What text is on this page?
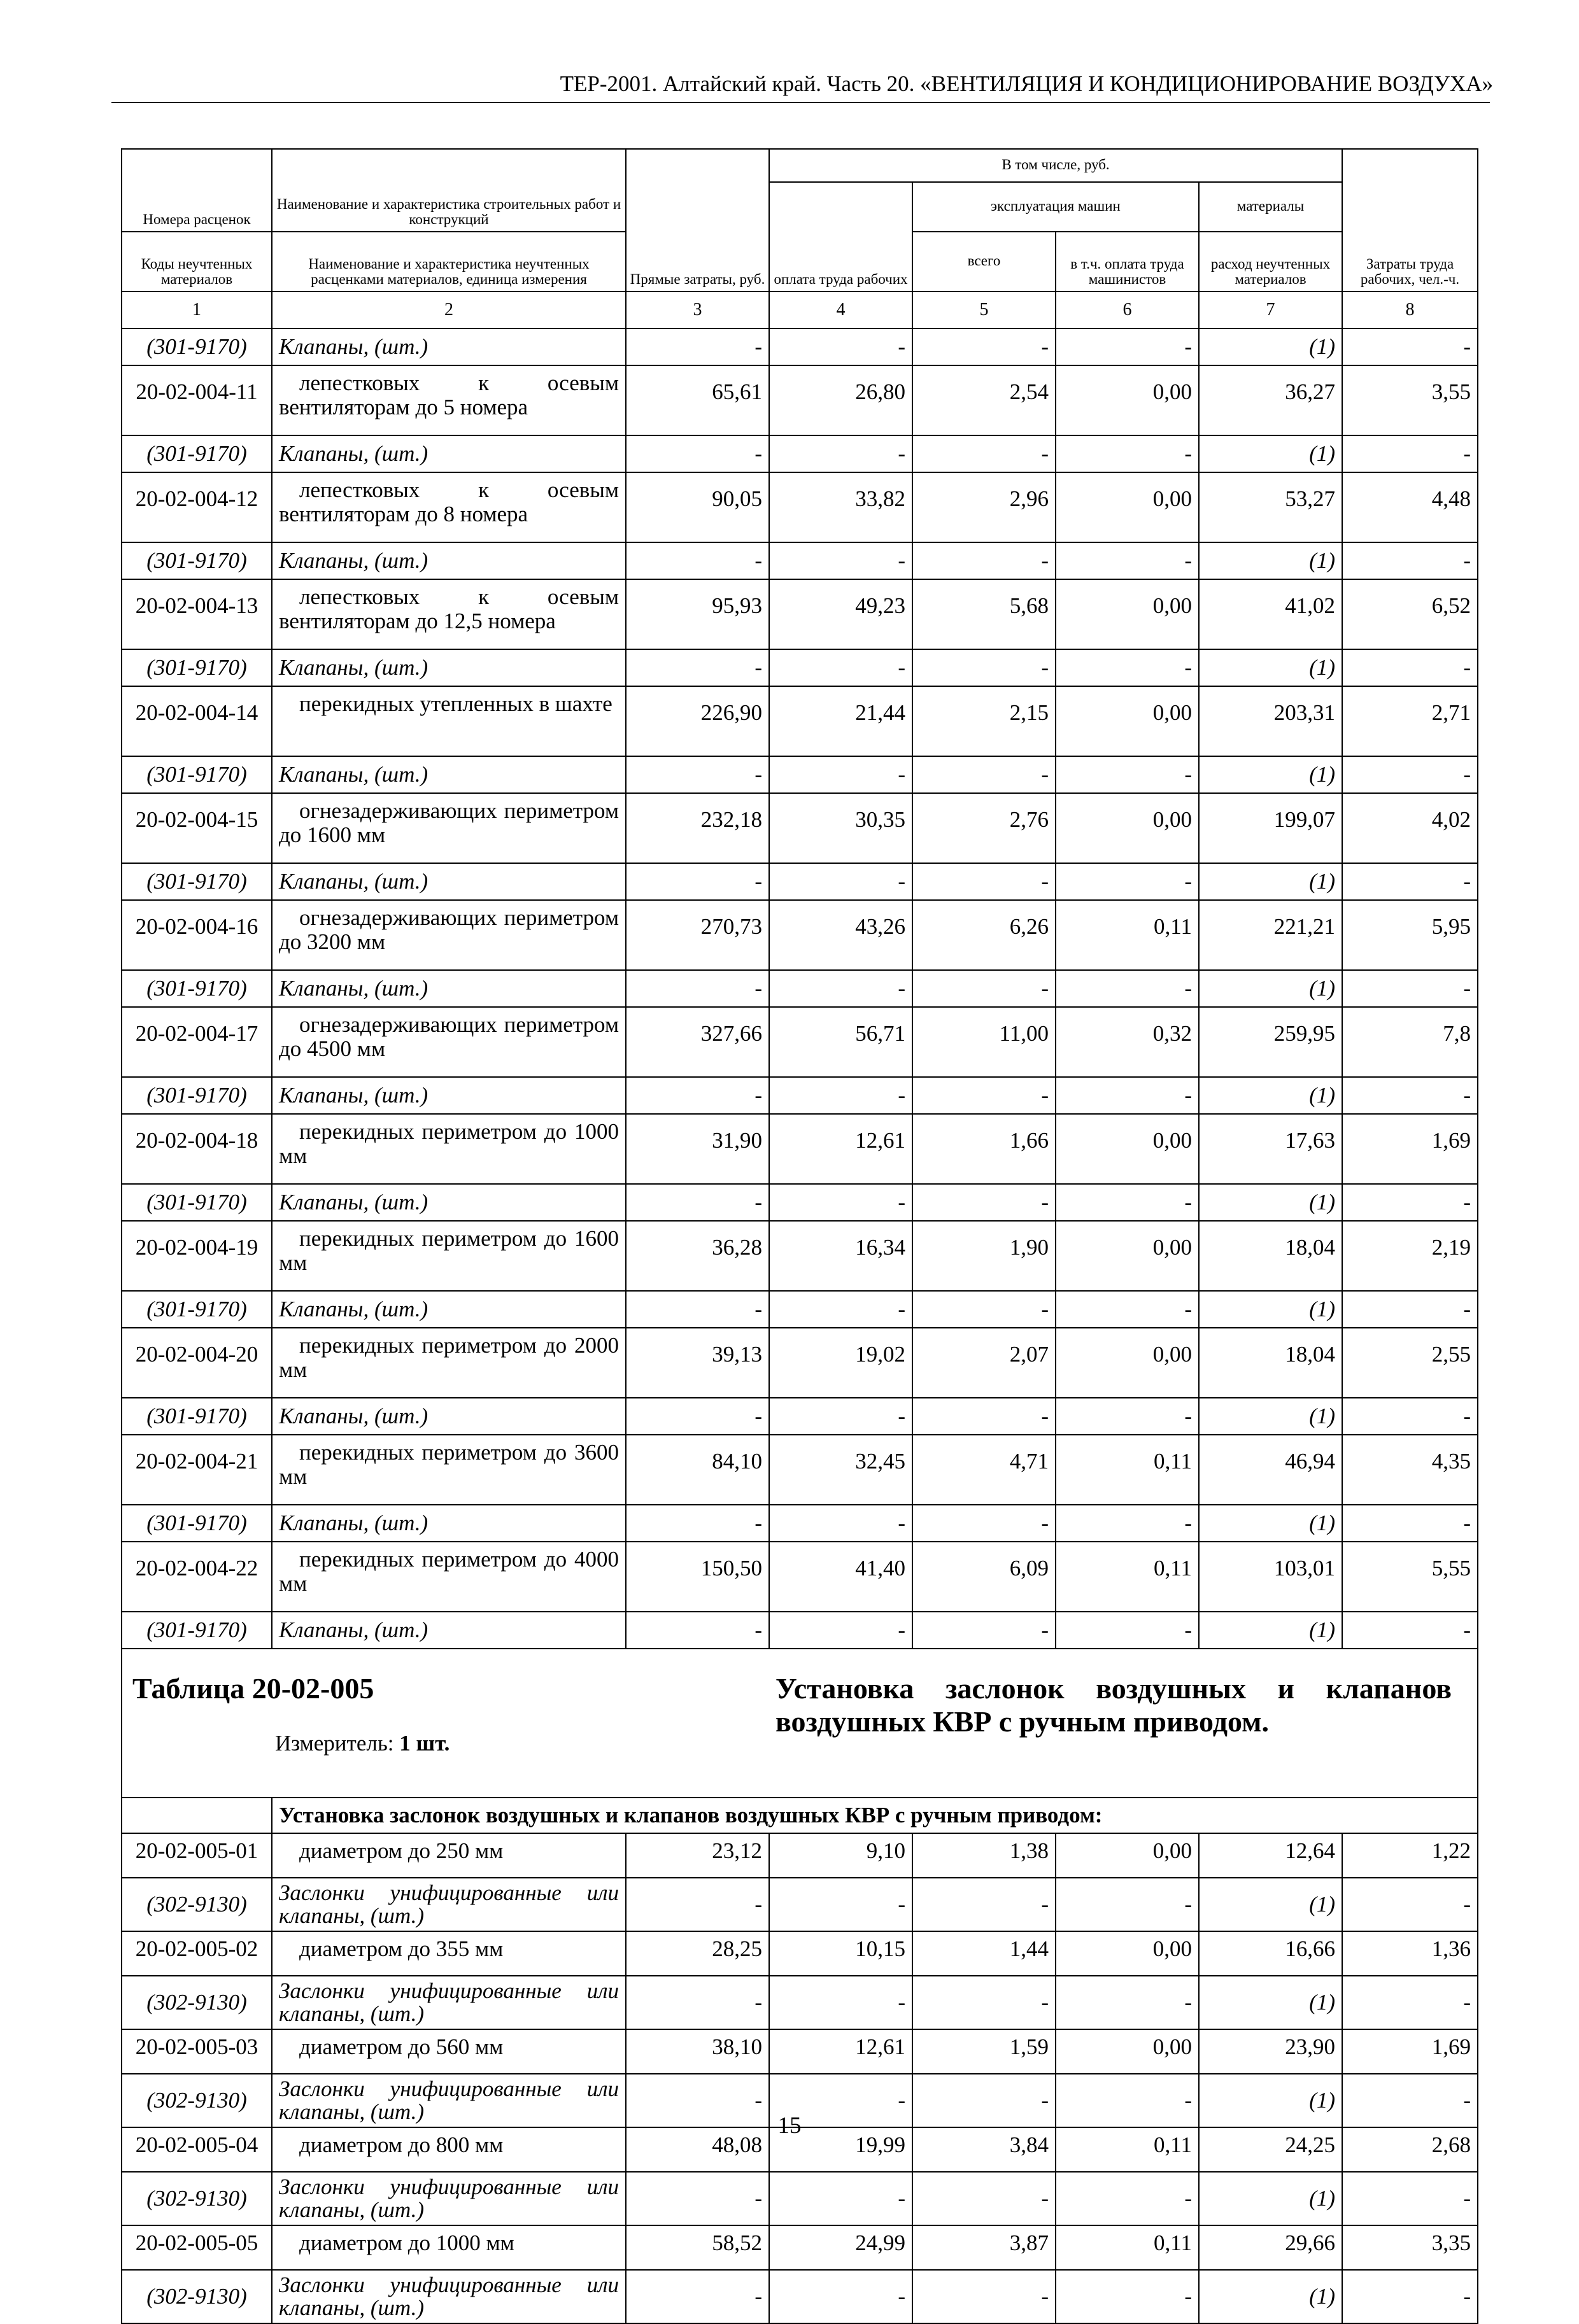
ТЕР-2001. Алтайский край. Часть 20. «ВЕНТИЛЯЦИЯ И КОНДИЦИОНИРОВАНИЕ ВОЗДУХА»
		Прямые затраты, руб.	В том числе, руб.				Затраты труда рабочих, чел.-ч.
Номера расценок	Наименование и характеристика строительных работ и конструкций		оплата труда рабочих	эксплуатация машин		материалы	
Коды неучтенных материалов	Наименование и характеристика неучтенных расценками материалов, единица измерения			всего	в т.ч. оплата труда машинистов	расход неучтенных материалов	
1	2	3	4	5	6	7	8
(301-9170)	Клапаны, (шт.)	-	-	-	-	(1)	-
20-02-004-11	лепестковых к осевым вентиляторам до 5 номера	65,61	26,80	2,54	0,00	36,27	3,55
(301-9170)	Клапаны, (шт.)	-	-	-	-	(1)	-
20-02-004-12	лепестковых к осевым вентиляторам до 8 номера	90,05	33,82	2,96	0,00	53,27	4,48
(301-9170)	Клапаны, (шт.)	-	-	-	-	(1)	-
20-02-004-13	лепестковых к осевым вентиляторам до 12,5 номера	95,93	49,23	5,68	0,00	41,02	6,52
(301-9170)	Клапаны, (шт.)	-	-	-	-	(1)	-
20-02-004-14	перекидных утепленных в шахте	226,90	21,44	2,15	0,00	203,31	2,71
(301-9170)	Клапаны, (шт.)	-	-	-	-	(1)	-
20-02-004-15	огнезадерживающих периметром до 1600 мм	232,18	30,35	2,76	0,00	199,07	4,02
(301-9170)	Клапаны, (шт.)	-	-	-	-	(1)	-
20-02-004-16	огнезадерживающих периметром до 3200 мм	270,73	43,26	6,26	0,11	221,21	5,95
(301-9170)	Клапаны, (шт.)	-	-	-	-	(1)	-
20-02-004-17	огнезадерживающих периметром до 4500 мм	327,66	56,71	11,00	0,32	259,95	7,8
(301-9170)	Клапаны, (шт.)	-	-	-	-	(1)	-
20-02-004-18	перекидных периметром до 1000 мм	31,90	12,61	1,66	0,00	17,63	1,69
(301-9170)	Клапаны, (шт.)	-	-	-	-	(1)	-
20-02-004-19	перекидных периметром до 1600 мм	36,28	16,34	1,90	0,00	18,04	2,19
(301-9170)	Клапаны, (шт.)	-	-	-	-	(1)	-
20-02-004-20	перекидных периметром до 2000 мм	39,13	19,02	2,07	0,00	18,04	2,55
(301-9170)	Клапаны, (шт.)	-	-	-	-	(1)	-
20-02-004-21	перекидных периметром до 3600 мм	84,10	32,45	4,71	0,11	46,94	4,35
(301-9170)	Клапаны, (шт.)	-	-	-	-	(1)	-
20-02-004-22	перекидных периметром до 4000 мм	150,50	41,40	6,09	0,11	103,01	5,55
(301-9170)	Клапаны, (шт.)	-	-	-	-	(1)	-

Таблица 20-02-005
Измеритель: 1 шт.			Установка заслонок воздушных и клапанов воздушных КВР с ручным приводом.				
	Установка заслонок воздушных и клапанов воздушных КВР с ручным приводом:						
20-02-005-01	диаметром до 250 мм	23,12	9,10	1,38	0,00	12,64	1,22
(302-9130)	Заслонки унифицированные или клапаны, (шт.)	-	-	-	-	(1)	-
20-02-005-02	диаметром до 355 мм	28,25	10,15	1,44	0,00	16,66	1,36
(302-9130)	Заслонки унифицированные или клапаны, (шт.)	-	-	-	-	(1)	-
20-02-005-03	диаметром до 560 мм	38,10	12,61	1,59	0,00	23,90	1,69
(302-9130)	Заслонки унифицированные или клапаны, (шт.)	-	-	-	-	(1)	-
20-02-005-04	диаметром до 800 мм	48,08	19,99	3,84	0,11	24,25	2,68
(302-9130)	Заслонки унифицированные или клапаны, (шт.)	-	-	-	-	(1)	-
20-02-005-05	диаметром до 1000 мм	58,52	24,99	3,87	0,11	29,66	3,35
(302-9130)	Заслонки унифицированные или клапаны, (шт.)	-	-	-	-	(1)	-
15
